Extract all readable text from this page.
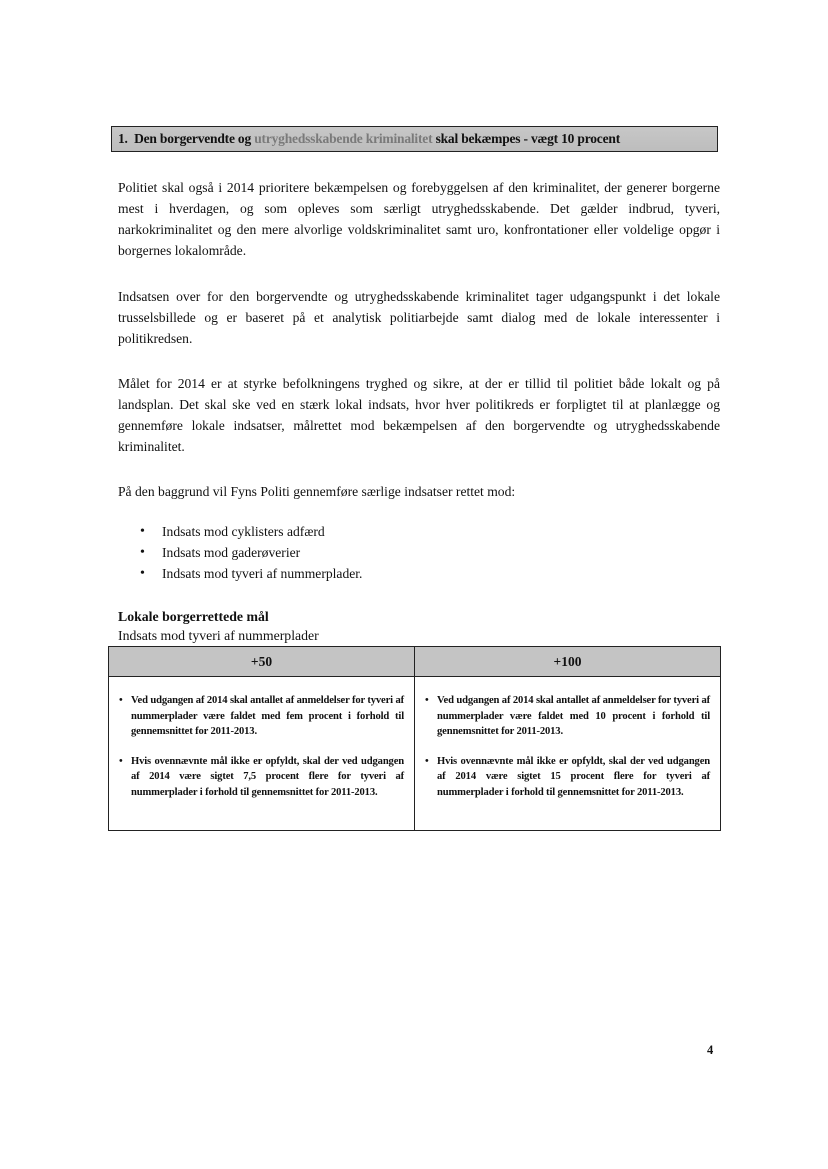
1.
Den borgervendte og
utryghedsskabende kriminalitet
skal bekæmpes - vægt 10 procent

Politiet skal også i 2014 prioritere bekæmpelsen og forebyggelsen af den kriminalitet, der generer borgerne mest i hverdagen, og som opleves som særligt utryghedsskabende. Det gælder indbrud, tyveri, narkokriminalitet og den mere alvorlige voldskriminalitet samt uro, konfrontationer eller voldelige opgør i borgernes lokalområde.

Indsatsen over for den borgervendte og utryghedsskabende kriminalitet tager udgangspunkt i det lokale trusselsbillede og er baseret på et analytisk politiarbejde samt dialog med de lokale interessenter i politikredsen.

Målet for 2014 er at styrke befolkningens tryghed og sikre, at der er tillid til politiet både lokalt og på landsplan. Det skal ske ved en stærk lokal indsats, hvor hver politikreds er forpligtet til at planlægge og gennemføre lokale indsatser, målrettet mod bekæmpelsen af den borgervendte og utryghedsskabende kriminalitet.

På den baggrund vil Fyns Politi gennemføre særlige indsatser rettet mod:

• Indsats mod cyklisters adfærd
• Indsats mod gaderøverier
• Indsats mod tyveri af nummerplader.
Lokale borgerrettede mål
Indsats mod tyveri af nummerplader
+50
• Ved udgangen af 2014 skal antallet af anmeldelser for tyveri af nummerplader være faldet med fem procent i forhold til gennemsnittet for 2011-2013.
• Hvis ovennævnte mål ikke er opfyldt, skal der ved udgangen af 2014 være sigtet 7,5 procent flere for tyveri af nummerplader i forhold til gennemsnittet for 2011-2013.
+100
• Ved udgangen af 2014 skal antallet af anmeldelser for tyveri af nummerplader være faldet med 10 procent i forhold til gennemsnittet for 2011-2013.
• Hvis ovennævnte mål ikke er opfyldt, skal der ved udgangen af 2014 være sigtet 15 procent flere for tyveri af nummerplader i forhold til gennemsnittet for 2011-2013.
4
